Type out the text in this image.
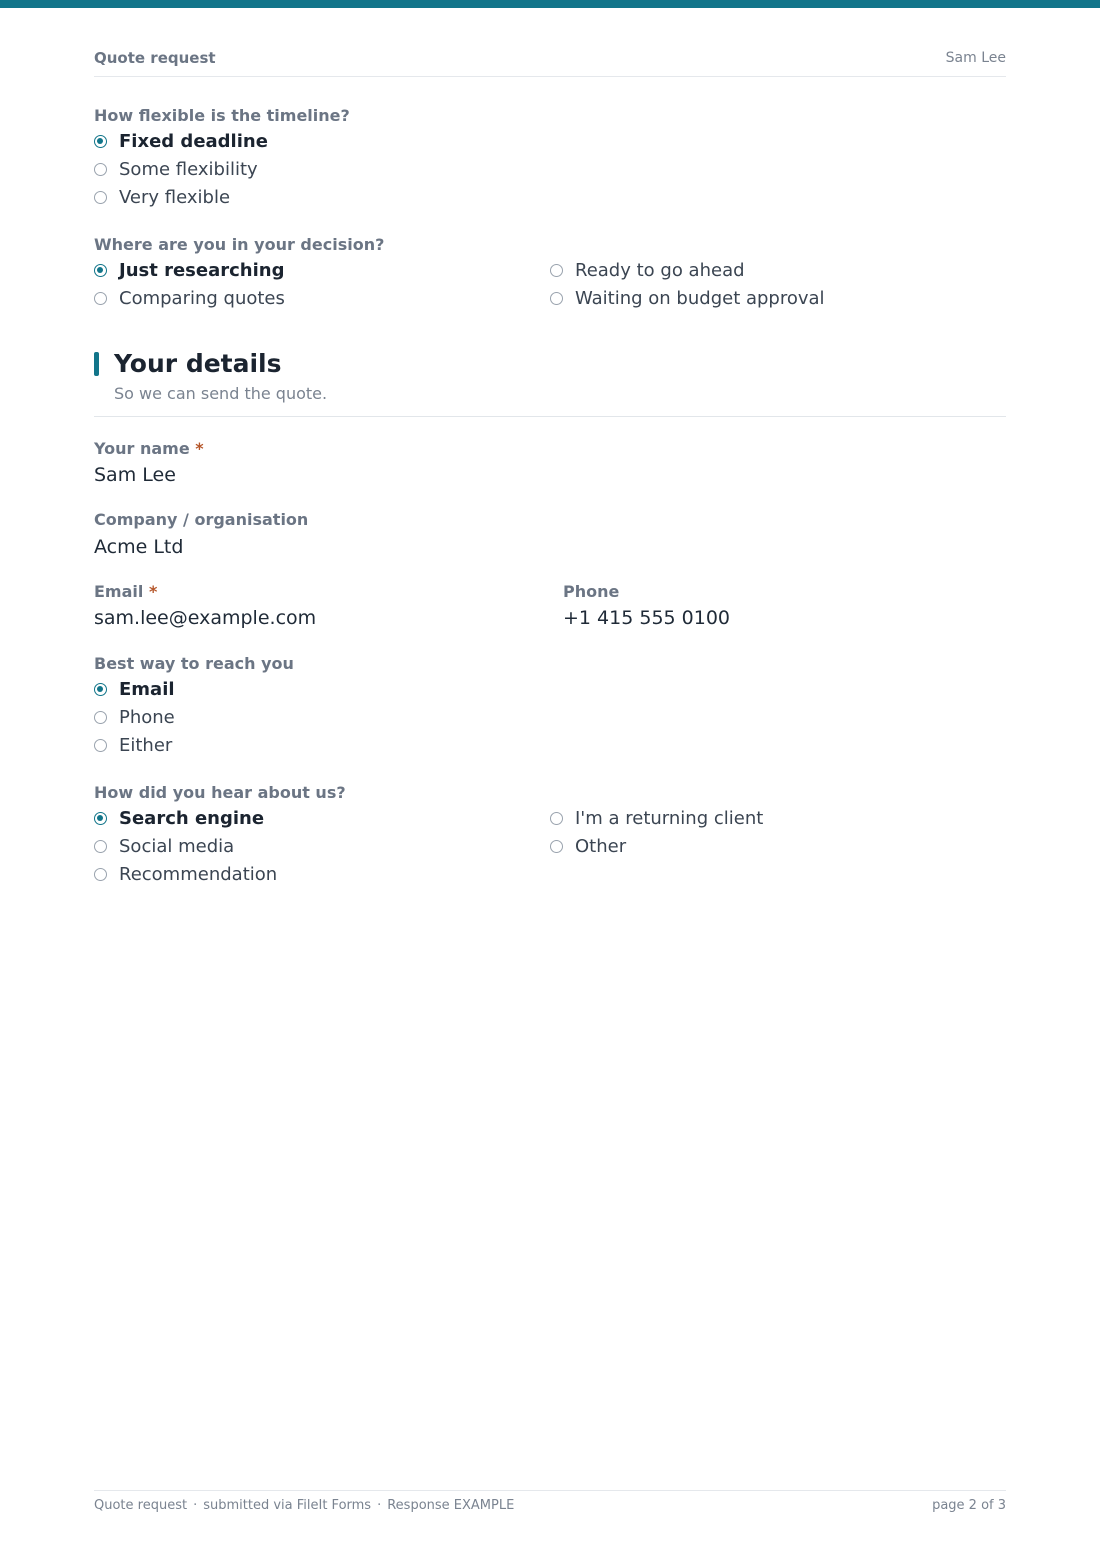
Quote request	Sam Lee
How flexible is the timeline?
Fixed deadline
Some flexibility
Very flexible
Where are you in your decision?
Just researching
Comparing quotes
Ready to go ahead
Waiting on budget approval
Your details
So we can send the quote.
Your name *
Sam Lee
Company / organisation
Acme Ltd
Email *
sam.lee@example.com
Phone
+1 415 555 0100
Best way to reach you
Email
Phone
Either
How did you hear about us?
Search engine
Social media
Recommendation
I'm a returning client
Other
Quote request · submitted via FileIt Forms · Response EXAMPLE	page 2 of 3
